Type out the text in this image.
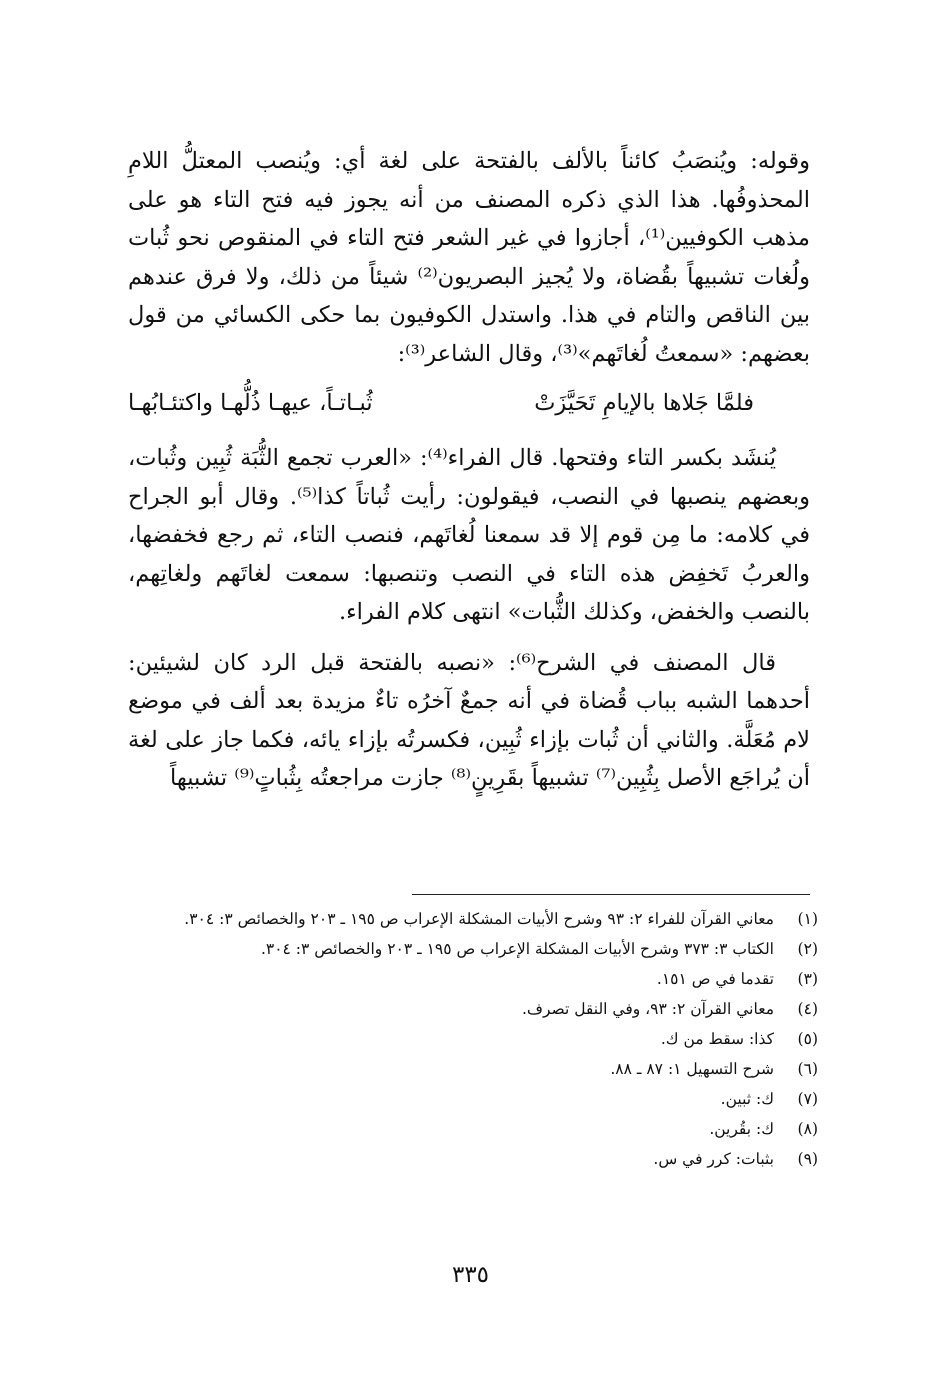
وقوله: ويُنصَبُ كائناً بالألف بالفتحة على لغة أي: ويُنصب المعتلُّ اللامِ المحذوفُها. هذا الذي ذكره المصنف من أنه يجوز فيه فتح التاء هو على مذهب الكوفيين⁽¹⁾، أجازوا في غير الشعر فتح التاء في المنقوص نحو ثُبات ولُغات تشبيهاً بقُضاة، ولا يُجيز البصريون⁽²⁾ شيئاً من ذلك، ولا فرق عندهم بين الناقص والتام في هذا. واستدل الكوفيون بما حكى الكسائي من قول بعضهم: «سمعتُ لُغاتَهم»⁽³⁾، وقال الشاعر⁽³⁾:

فلمَّا جَلاها بالإيامِ تَحَيَّزَتْ
ثُبـاتـاً، عيهـا ذُلُّهـا واكتئـابُهـا

يُنشَد بكسر التاء وفتحها. قال الفراء⁽⁴⁾: «العرب تجمع الثُّبَة ثُبِين وثُبات، وبعضهم ينصبها في النصب، فيقولون: رأيت ثُباتاً كذا⁽⁵⁾. وقال أبو الجراح في كلامه: ما مِن قوم إلا قد سمعنا لُغاتَهم، فنصب التاء، ثم رجع فخفضها، والعربُ تَخفِض هذه التاء في النصب وتنصبها: سمعت لغاتَهم ولغاتِهم، بالنصب والخفض، وكذلك الثُّبات» انتهى كلام الفراء.

قال المصنف في الشرح⁽⁶⁾: «نصبه بالفتحة قبل الرد كان لشيئين: أحدهما الشبه بباب قُضاة في أنه جمعٌ آخرُه تاءٌ مزيدة بعد ألف في موضع لام مُعَلَّة. والثاني أن ثُبات بإزاء ثُبِين، فكسرتُه بإزاء يائه، فكما جاز على لغة أن يُراجَع الأصل بِثُبِين⁽⁷⁾ تشبيهاً بقَرِينٍ⁽⁸⁾ جازت مراجعتُه بِثُباتٍ⁽⁹⁾ تشبيهاً

(١)
معاني القرآن للفراء ٢: ٩٣ وشرح الأبيات المشكلة الإعراب ص ١٩٥ ـ ٢٠٣ والخصائص ٣: ٣٠٤.

(٢)
الكتاب ٣: ٣٧٣ وشرح الأبيات المشكلة الإعراب ص ١٩٥ ـ ٢٠٣ والخصائص ٣: ٣٠٤.

(٣)
تقدما في ص ١٥١.

(٤)
معاني القرآن ٢: ٩٣، وفي النقل تصرف.

(٥)
كذا: سقط من ك.

(٦)
شرح التسهيل ١: ٨٧ ـ ٨٨.

(٧)
ك: ثبين.

(٨)
ك: بقُرين.

(٩)
بثبات: كرر في س.

٣٣٥
